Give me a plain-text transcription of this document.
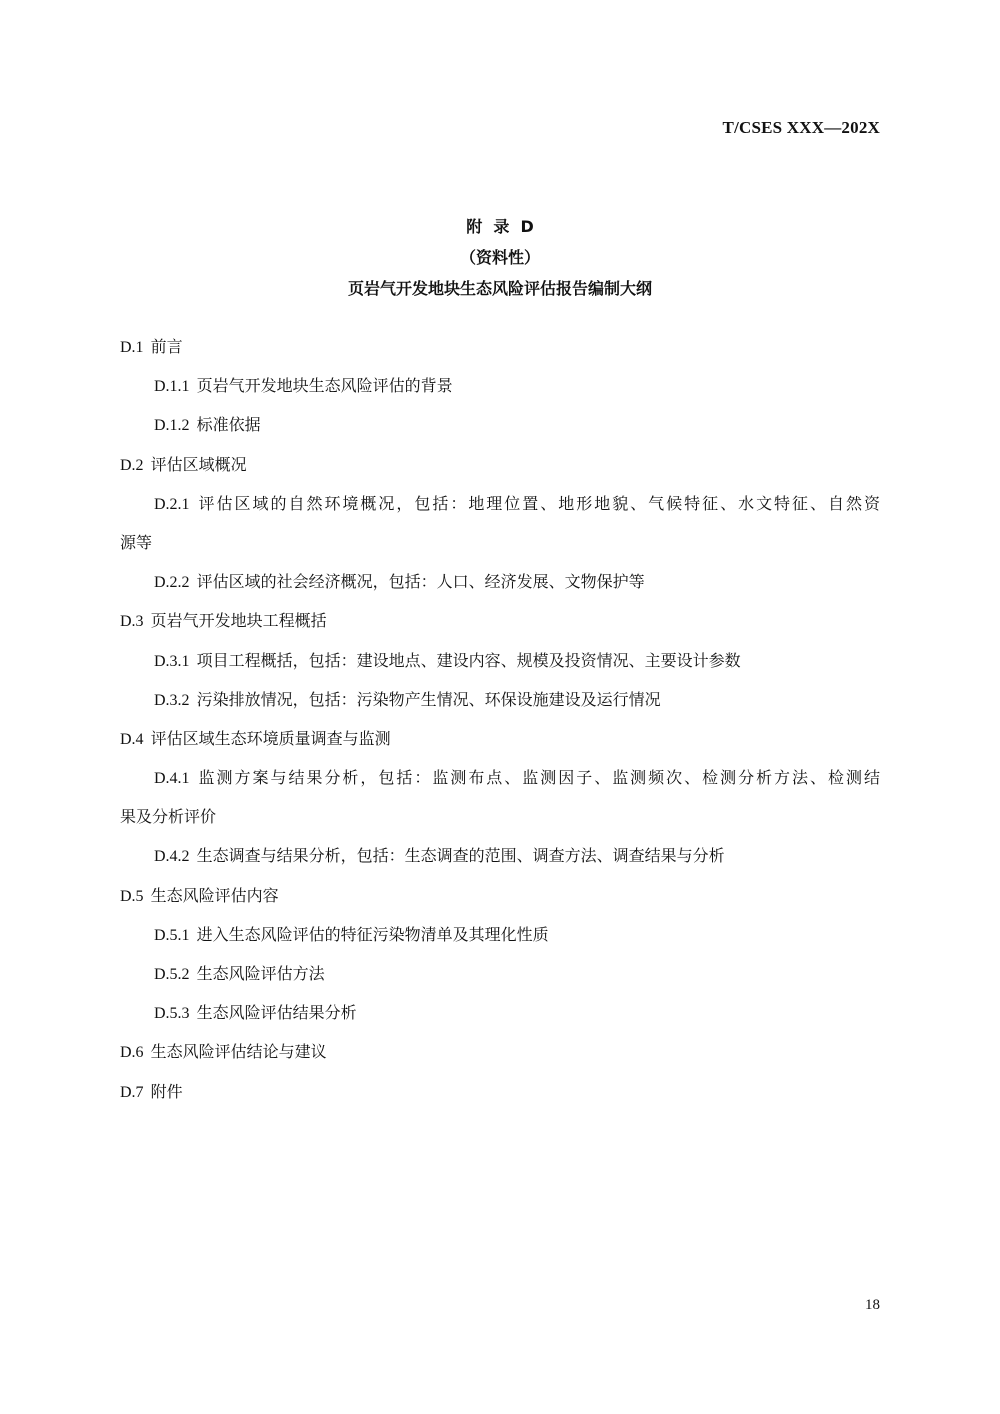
T/CSES XXX—202X
附  录  D
（资料性）
页岩气开发地块生态风险评估报告编制大纲
D.1 前言
D.1.1 页岩气开发地块生态风险评估的背景
D.1.2 标准依据
D.2 评估区域概况
D.2.1 评估区域的自然环境概况，包括：地理位置、地形地貌、气候特征、水文特征、自然资
源等
D.2.2 评估区域的社会经济概况，包括：人口、经济发展、文物保护等
D.3 页岩气开发地块工程概括
D.3.1 项目工程概括，包括：建设地点、建设内容、规模及投资情况、主要设计参数
D.3.2 污染排放情况，包括：污染物产生情况、环保设施建设及运行情况
D.4 评估区域生态环境质量调查与监测
D.4.1 监测方案与结果分析，包括：监测布点、监测因子、监测频次、检测分析方法、检测结
果及分析评价
D.4.2 生态调查与结果分析，包括：生态调查的范围、调查方法、调查结果与分析
D.5 生态风险评估内容
D.5.1 进入生态风险评估的特征污染物清单及其理化性质
D.5.2 生态风险评估方法
D.5.3 生态风险评估结果分析
D.6 生态风险评估结论与建议
D.7 附件
18
